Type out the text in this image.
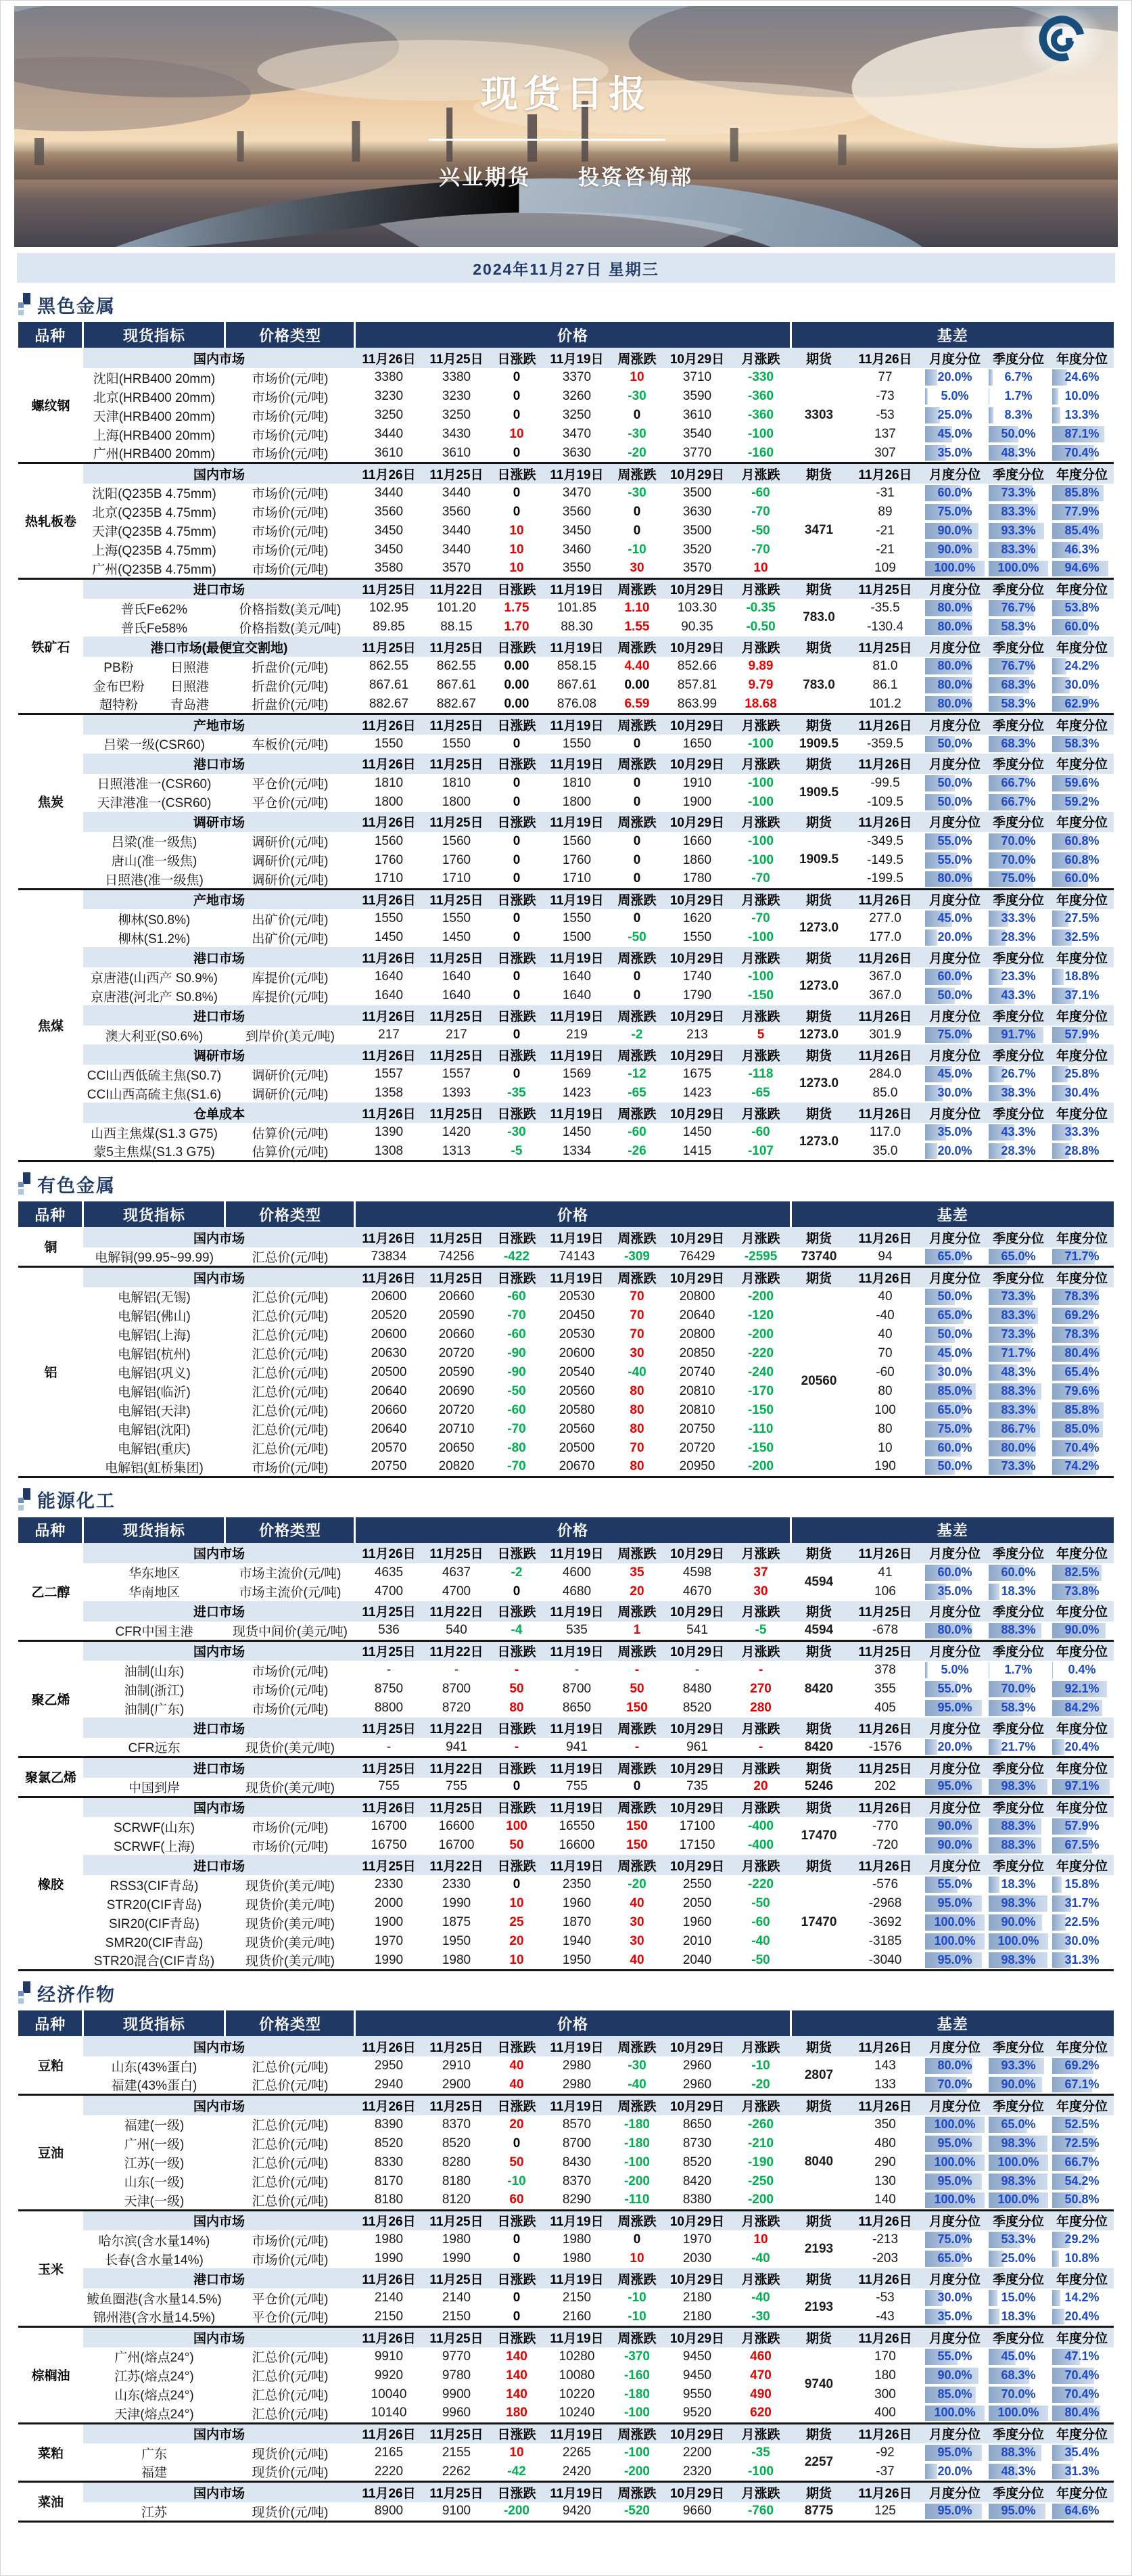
现货日报
兴业期货 投资咨询部
2024年11月27日 星期三
黑色金属
品种	现货指标	价格类型	价格							基差				
螺纹钢	国内市场		11月26日	11月25日	日涨跌	11月19日	周涨跌	10月29日	月涨跌	期货	11月26日	月度分位	季度分位	年度分位
	沈阳(HRB400 20mm)	市场价(元/吨)	3380	3380	0	3370	10	3710	-330	3303	77	20.0%	6.7%	24.6%
	北京(HRB400 20mm)	市场价(元/吨)	3230	3230	0	3260	-30	3590	-360		-73	5.0%	1.7%	10.0%
	天津(HRB400 20mm)	市场价(元/吨)	3250	3250	0	3250	0	3610	-360		-53	25.0%	8.3%	13.3%
	上海(HRB400 20mm)	市场价(元/吨)	3440	3430	10	3470	-30	3540	-100		137	45.0%	50.0%	87.1%
	广州(HRB400 20mm)	市场价(元/吨)	3610	3610	0	3630	-20	3770	-160		307	35.0%	48.3%	70.4%
热轧板卷	国内市场		11月26日	11月25日	日涨跌	11月19日	周涨跌	10月29日	月涨跌	期货	11月26日	月度分位	季度分位	年度分位
	沈阳(Q235B 4.75mm)	市场价(元/吨)	3440	3440	0	3470	-30	3500	-60	3471	-31	60.0%	73.3%	85.8%
	北京(Q235B 4.75mm)	市场价(元/吨)	3560	3560	0	3560	0	3630	-70		89	75.0%	83.3%	77.9%
	天津(Q235B 4.75mm)	市场价(元/吨)	3450	3440	10	3450	0	3500	-50		-21	90.0%	93.3%	85.4%
	上海(Q235B 4.75mm)	市场价(元/吨)	3450	3440	10	3460	-10	3520	-70		-21	90.0%	83.3%	46.3%
	广州(Q235B 4.75mm)	市场价(元/吨)	3580	3570	10	3550	30	3570	10		109	100.0%	100.0%	94.6%
铁矿石	进口市场		11月25日	11月22日	日涨跌	11月19日	周涨跌	10月29日	月涨跌	期货	11月25日	月度分位	季度分位	年度分位
	普氏Fe62%	价格指数(美元/吨)	102.95	101.20	1.75	101.85	1.10	103.30	-0.35	783.0	-35.5	80.0%	76.7%	53.8%
	普氏Fe58%	价格指数(美元/吨)	89.85	88.15	1.70	88.30	1.55	90.35	-0.50		-130.4	80.0%	58.3%	60.0%
	港口市场(最便宜交割地)		11月25日	11月25日	日涨跌	11月19日	周涨跌	10月29日	月涨跌	期货	11月25日	月度分位	季度分位	年度分位

	PB粉 日照港	折盘价(元/吨)	862.55	862.55	0.00	858.15	4.40	852.66	9.89	783.0	81.0	80.0%	76.7%	24.2%

	金布巴粉 日照港	折盘价(元/吨)	867.61	867.61	0.00	867.61	0.00	857.81	9.79		86.1	80.0%	68.3%	30.0%

	超特粉 青岛港	折盘价(元/吨)	882.67	882.67	0.00	876.08	6.59	863.99	18.68		101.2	80.0%	58.3%	62.9%
焦炭	产地市场		11月26日	11月25日	日涨跌	11月19日	周涨跌	10月29日	月涨跌	期货	11月26日	月度分位	季度分位	年度分位
	吕梁一级(CSR60)	车板价(元/吨)	1550	1550	0	1550	0	1650	-100	1909.5	-359.5	50.0%	68.3%	58.3%
	港口市场		11月26日	11月25日	日涨跌	11月19日	周涨跌	10月29日	月涨跌	期货	11月26日	月度分位	季度分位	年度分位
	日照港准一(CSR60)	平仓价(元/吨)	1810	1810	0	1810	0	1910	-100	1909.5	-99.5	50.0%	66.7%	59.6%
	天津港准一(CSR60)	平仓价(元/吨)	1800	1800	0	1800	0	1900	-100		-109.5	50.0%	66.7%	59.2%
	调研市场		11月26日	11月25日	日涨跌	11月19日	周涨跌	10月29日	月涨跌	期货	11月26日	月度分位	季度分位	年度分位
	吕梁(准一级焦)	调研价(元/吨)	1560	1560	0	1560	0	1660	-100	1909.5	-349.5	55.0%	70.0%	60.8%
	唐山(准一级焦)	调研价(元/吨)	1760	1760	0	1760	0	1860	-100		-149.5	55.0%	70.0%	60.8%
	日照港(准一级焦)	调研价(元/吨)	1710	1710	0	1710	0	1780	-70		-199.5	80.0%	75.0%	60.0%
焦煤	产地市场		11月26日	11月25日	日涨跌	11月19日	周涨跌	10月29日	月涨跌	期货	11月26日	月度分位	季度分位	年度分位
	柳林(S0.8%)	出矿价(元/吨)	1550	1550	0	1550	0	1620	-70	1273.0	277.0	45.0%	33.3%	27.5%
	柳林(S1.2%)	出矿价(元/吨)	1450	1450	0	1500	-50	1550	-100		177.0	20.0%	28.3%	32.5%
	港口市场		11月26日	11月25日	日涨跌	11月19日	周涨跌	10月29日	月涨跌	期货	11月26日	月度分位	季度分位	年度分位
	京唐港(山西产 S0.9%)	库提价(元/吨)	1640	1640	0	1640	0	1740	-100	1273.0	367.0	60.0%	23.3%	18.8%
	京唐港(河北产 S0.8%)	库提价(元/吨)	1640	1640	0	1640	0	1790	-150		367.0	50.0%	43.3%	37.1%
	进口市场		11月26日	11月25日	日涨跌	11月19日	周涨跌	10月29日	月涨跌	期货	11月26日	月度分位	季度分位	年度分位
	澳大利亚(S0.6%)	到岸价(美元/吨)	217	217	0	219	-2	213	5	1273.0	301.9	75.0%	91.7%	57.9%
	调研市场		11月26日	11月25日	日涨跌	11月19日	周涨跌	10月29日	月涨跌	期货	11月26日	月度分位	季度分位	年度分位
	CCI山西低硫主焦(S0.7)	调研价(元/吨)	1557	1557	0	1569	-12	1675	-118	1273.0	284.0	45.0%	26.7%	25.8%
	CCI山西高硫主焦(S1.6)	调研价(元/吨)	1358	1393	-35	1423	-65	1423	-65		85.0	30.0%	38.3%	30.4%
	仓单成本		11月26日	11月25日	日涨跌	11月19日	周涨跌	10月29日	月涨跌	期货	11月26日	月度分位	季度分位	年度分位
	山西主焦煤(S1.3 G75)	估算价(元/吨)	1390	1420	-30	1450	-60	1450	-60	1273.0	117.0	35.0%	43.3%	33.3%
	蒙5主焦煤(S1.3 G75)	估算价(元/吨)	1308	1313	-5	1334	-26	1415	-107		35.0	20.0%	28.3%	28.8%
有色金属
品种	现货指标	价格类型	价格							基差				
铜	国内市场		11月26日	11月25日	日涨跌	11月19日	周涨跌	10月29日	月涨跌	期货	11月26日	月度分位	季度分位	年度分位
	电解铜(99.95~99.99)	汇总价(元/吨)	73834	74256	-422	74143	-309	76429	-2595	73740	94	65.0%	65.0%	71.7%
铝	国内市场		11月26日	11月25日	日涨跌	11月19日	周涨跌	10月29日	月涨跌	期货	11月26日	月度分位	季度分位	年度分位
	电解铝(无锡)	汇总价(元/吨)	20600	20660	-60	20530	70	20800	-200	20560	40	50.0%	73.3%	78.3%
	电解铝(佛山)	汇总价(元/吨)	20520	20590	-70	20450	70	20640	-120		-40	65.0%	83.3%	69.2%
	电解铝(上海)	汇总价(元/吨)	20600	20660	-60	20530	70	20800	-200		40	50.0%	73.3%	78.3%
	电解铝(杭州)	汇总价(元/吨)	20630	20720	-90	20600	30	20850	-220		70	45.0%	71.7%	80.4%
	电解铝(巩义)	汇总价(元/吨)	20500	20590	-90	20540	-40	20740	-240		-60	30.0%	48.3%	65.4%
	电解铝(临沂)	汇总价(元/吨)	20640	20690	-50	20560	80	20810	-170		80	85.0%	88.3%	79.6%
	电解铝(天津)	汇总价(元/吨)	20660	20720	-60	20580	80	20810	-150		100	65.0%	83.3%	85.8%
	电解铝(沈阳)	汇总价(元/吨)	20640	20710	-70	20560	80	20750	-110		80	75.0%	86.7%	85.0%
	电解铝(重庆)	汇总价(元/吨)	20570	20650	-80	20500	70	20720	-150		10	60.0%	80.0%	70.4%
	电解铝(虹桥集团)	市场价(元/吨)	20750	20820	-70	20670	80	20950	-200		190	50.0%	73.3%	74.2%
能源化工
品种	现货指标	价格类型	价格							基差				
乙二醇	国内市场		11月26日	11月25日	日涨跌	11月19日	周涨跌	10月29日	月涨跌	期货	11月26日	月度分位	季度分位	年度分位
	华东地区	市场主流价(元/吨)	4635	4637	-2	4600	35	4598	37	4594	41	60.0%	60.0%	82.5%
	华南地区	市场主流价(元/吨)	4700	4700	0	4680	20	4670	30		106	35.0%	18.3%	73.8%
	进口市场		11月25日	11月22日	日涨跌	11月19日	周涨跌	10月29日	月涨跌	期货	11月25日	月度分位	季度分位	年度分位
	CFR中国主港	现货中间价(美元/吨)	536	540	-4	535	1	541	-5	4594	-678	80.0%	88.3%	90.0%
聚乙烯	国内市场		11月25日	11月22日	日涨跌	11月19日	周涨跌	10月29日	月涨跌	期货	11月25日	月度分位	季度分位	年度分位
	油制(山东)	市场价(元/吨)	-	-	-	-	-	-	-	8420	378	5.0%	1.7%	0.4%
	油制(浙江)	市场价(元/吨)	8750	8700	50	8700	50	8480	270		355	55.0%	70.0%	92.1%
	油制(广东)	市场价(元/吨)	8800	8720	80	8650	150	8520	280		405	95.0%	58.3%	84.2%
	进口市场		11月25日	11月22日	日涨跌	11月19日	周涨跌	10月29日	月涨跌	期货	11月26日	月度分位	季度分位	年度分位
	CFR远东	现货价(美元/吨)	-	941	-	941	-	961	-	8420	-1576	20.0%	21.7%	20.4%
聚氯乙烯	进口市场		11月25日	11月22日	日涨跌	11月19日	周涨跌	10月29日	月涨跌	期货	11月25日	月度分位	季度分位	年度分位
	中国到岸	现货价(美元/吨)	755	755	0	755	0	735	20	5246	202	95.0%	98.3%	97.1%
橡胶	国内市场		11月26日	11月25日	日涨跌	11月19日	周涨跌	10月29日	月涨跌	期货	11月26日	月度分位	季度分位	年度分位
	SCRWF(山东)	市场价(元/吨)	16700	16600	100	16550	150	17100	-400	17470	-770	90.0%	88.3%	57.9%
	SCRWF(上海)	市场价(元/吨)	16750	16700	50	16600	150	17150	-400		-720	90.0%	88.3%	67.5%
	进口市场		11月25日	11月22日	日涨跌	11月19日	周涨跌	10月29日	月涨跌	期货	11月26日	月度分位	季度分位	年度分位
	RSS3(CIF青岛)	现货价(美元/吨)	2330	2330	0	2350	-20	2550	-220	17470	-576	55.0%	18.3%	15.8%
	STR20(CIF青岛)	现货价(美元/吨)	2000	1990	10	1960	40	2050	-50		-2968	95.0%	98.3%	31.7%
	SIR20(CIF青岛)	现货价(美元/吨)	1900	1875	25	1870	30	1960	-60		-3692	100.0%	90.0%	22.5%
	SMR20(CIF青岛)	现货价(美元/吨)	1970	1950	20	1940	30	2010	-40		-3185	100.0%	100.0%	30.0%
	STR20混合(CIF青岛)	现货价(美元/吨)	1990	1980	10	1950	40	2040	-50		-3040	95.0%	98.3%	31.3%
经济作物
品种	现货指标	价格类型	价格							基差				
豆粕	国内市场		11月26日	11月25日	日涨跌	11月19日	周涨跌	10月29日	月涨跌	期货	11月26日	月度分位	季度分位	年度分位
	山东(43%蛋白)	汇总价(元/吨)	2950	2910	40	2980	-30	2960	-10	2807	143	80.0%	93.3%	69.2%
	福建(43%蛋白)	汇总价(元/吨)	2940	2900	40	2980	-40	2960	-20		133	70.0%	90.0%	67.1%
豆油	国内市场		11月26日	11月25日	日涨跌	11月19日	周涨跌	10月29日	月涨跌	期货	11月26日	月度分位	季度分位	年度分位
	福建(一级)	汇总价(元/吨)	8390	8370	20	8570	-180	8650	-260	8040	350	100.0%	65.0%	52.5%
	广州(一级)	汇总价(元/吨)	8520	8520	0	8700	-180	8730	-210		480	95.0%	98.3%	72.5%
	江苏(一级)	汇总价(元/吨)	8330	8280	50	8430	-100	8520	-190		290	100.0%	100.0%	66.7%
	山东(一级)	汇总价(元/吨)	8170	8180	-10	8370	-200	8420	-250		130	95.0%	98.3%	54.2%
	天津(一级)	汇总价(元/吨)	8180	8120	60	8290	-110	8380	-200		140	100.0%	100.0%	50.8%
玉米	国内市场		11月26日	11月25日	日涨跌	11月19日	周涨跌	10月29日	月涨跌	期货	11月26日	月度分位	季度分位	年度分位
	哈尔滨(含水量14%)	市场价(元/吨)	1980	1980	0	1980	0	1970	10	2193	-213	75.0%	53.3%	29.2%
	长春(含水量14%)	市场价(元/吨)	1990	1990	0	1980	10	2030	-40		-203	65.0%	25.0%	10.8%
	港口市场		11月26日	11月25日	日涨跌	11月19日	周涨跌	10月29日	月涨跌	期货	11月26日	月度分位	季度分位	年度分位
	鲅鱼圈港(含水量14.5%)	平仓价(元/吨)	2140	2140	0	2150	-10	2180	-40	2193	-53	30.0%	15.0%	14.2%
	锦州港(含水量14.5%)	平仓价(元/吨)	2150	2150	0	2160	-10	2180	-30		-43	35.0%	18.3%	20.4%
棕榈油	国内市场		11月26日	11月25日	日涨跌	11月19日	周涨跌	10月29日	月涨跌	期货	11月26日	月度分位	季度分位	年度分位
	广州(熔点24°)	汇总价(元/吨)	9910	9770	140	10280	-370	9450	460	9740	170	55.0%	45.0%	47.1%
	江苏(熔点24°)	汇总价(元/吨)	9920	9780	140	10080	-160	9450	470		180	90.0%	68.3%	70.4%
	山东(熔点24°)	汇总价(元/吨)	10040	9900	140	10220	-180	9550	490		300	85.0%	70.0%	70.4%
	天津(熔点24°)	汇总价(元/吨)	10140	9960	180	10240	-100	9520	620		400	100.0%	100.0%	80.4%
菜粕	国内市场		11月26日	11月25日	日涨跌	11月19日	周涨跌	10月29日	月涨跌	期货	11月26日	月度分位	季度分位	年度分位
	广东	现货价(元/吨)	2165	2155	10	2265	-100	2200	-35	2257	-92	95.0%	88.3%	35.4%
	福建	现货价(元/吨)	2220	2262	-42	2420	-200	2320	-100		-37	20.0%	48.3%	31.3%
菜油	国内市场		11月26日	11月25日	日涨跌	11月19日	周涨跌	10月29日	月涨跌	期货	11月26日	月度分位	季度分位	年度分位
	江苏	现货价(元/吨)	8900	9100	-200	9420	-520	9660	-760	8775	125	95.0%	95.0%	64.6%
